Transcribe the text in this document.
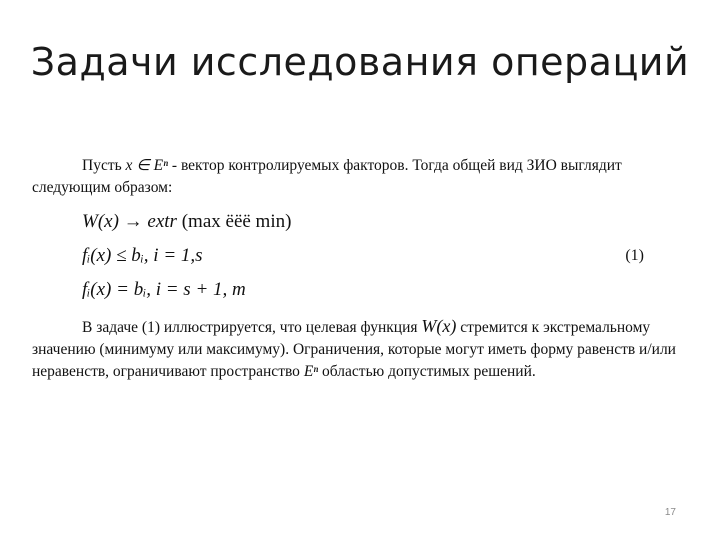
Задачи исследования операций

Пусть x ∈ Eⁿ - вектор контролируемых факторов. Тогда общей вид ЗИО выглядит следующим образом:

W(x) → extr (max ёёё min)
fᵢ(x) ≤ bᵢ, i = 1,s	(1)
fᵢ(x) = bᵢ, i = s + 1, m

В задаче (1) иллюстрируется, что целевая функция W(x) стремится к экстремальному значению (минимуму или максимуму). Ограничения, которые могут иметь форму равенств и/или неравенств, ограничивают пространство Eⁿ областью допустимых решений.

17
